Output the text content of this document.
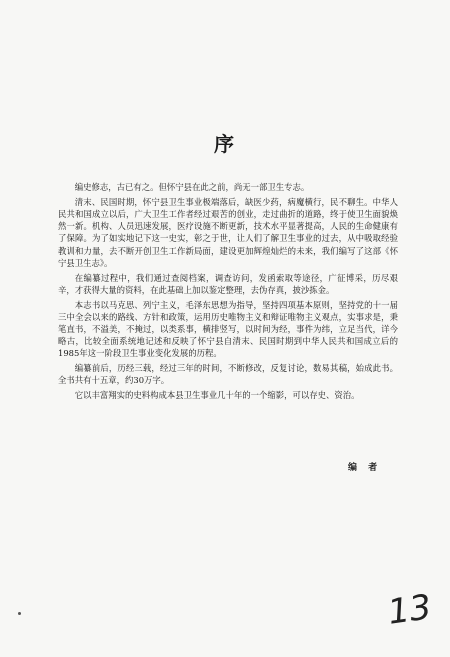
序

编史修志，古已有之。但怀宁县在此之前，尚无一部卫生专志。

清末、民国时期，怀宁县卫生事业极端落后，缺医少药，病魔横行，民不聊生。中华人民共和国成立以后，广大卫生工作者经过艰苦的创业，走过曲折的道路，终于使卫生面貌焕然一新。机构、人员迅速发展，医疗设施不断更新，技术水平显著提高，人民的生命健康有了保障。为了如实地记下这一史实，彰之于世，让人们了解卫生事业的过去，从中吸取经验教训和力量，去不断开创卫生工作新局面，建设更加辉煌灿烂的未来，我们编写了这部《怀宁县卫生志》。

在编纂过程中，我们通过查阅档案，调查访问，发函索取等途径，广征博采，历尽艰辛，才获得大量的资料，在此基础上加以鉴定整理，去伪存真，披沙拣金。

本志书以马克思、列宁主义，毛泽东思想为指导，坚持四项基本原则，坚持党的十一届三中全会以来的路线、方针和政策，运用历史唯物主义和辩证唯物主义观点，实事求是，秉笔直书，不溢美，不掩过，以类系事，横排竖写，以时间为经，事件为纬，立足当代，详今略古，比较全面系统地记述和反映了怀宁县自清末、民国时期到中华人民共和国成立后的1985年这一阶段卫生事业变化发展的历程。

编纂前后，历经三载，经过三年的时间，不断修改，反复讨论，数易其稿，始成此书。全书共有十五章，约30万字。

它以丰富翔实的史料构成本县卫生事业几十年的一个缩影，可以存史、资治。

编 者
13
